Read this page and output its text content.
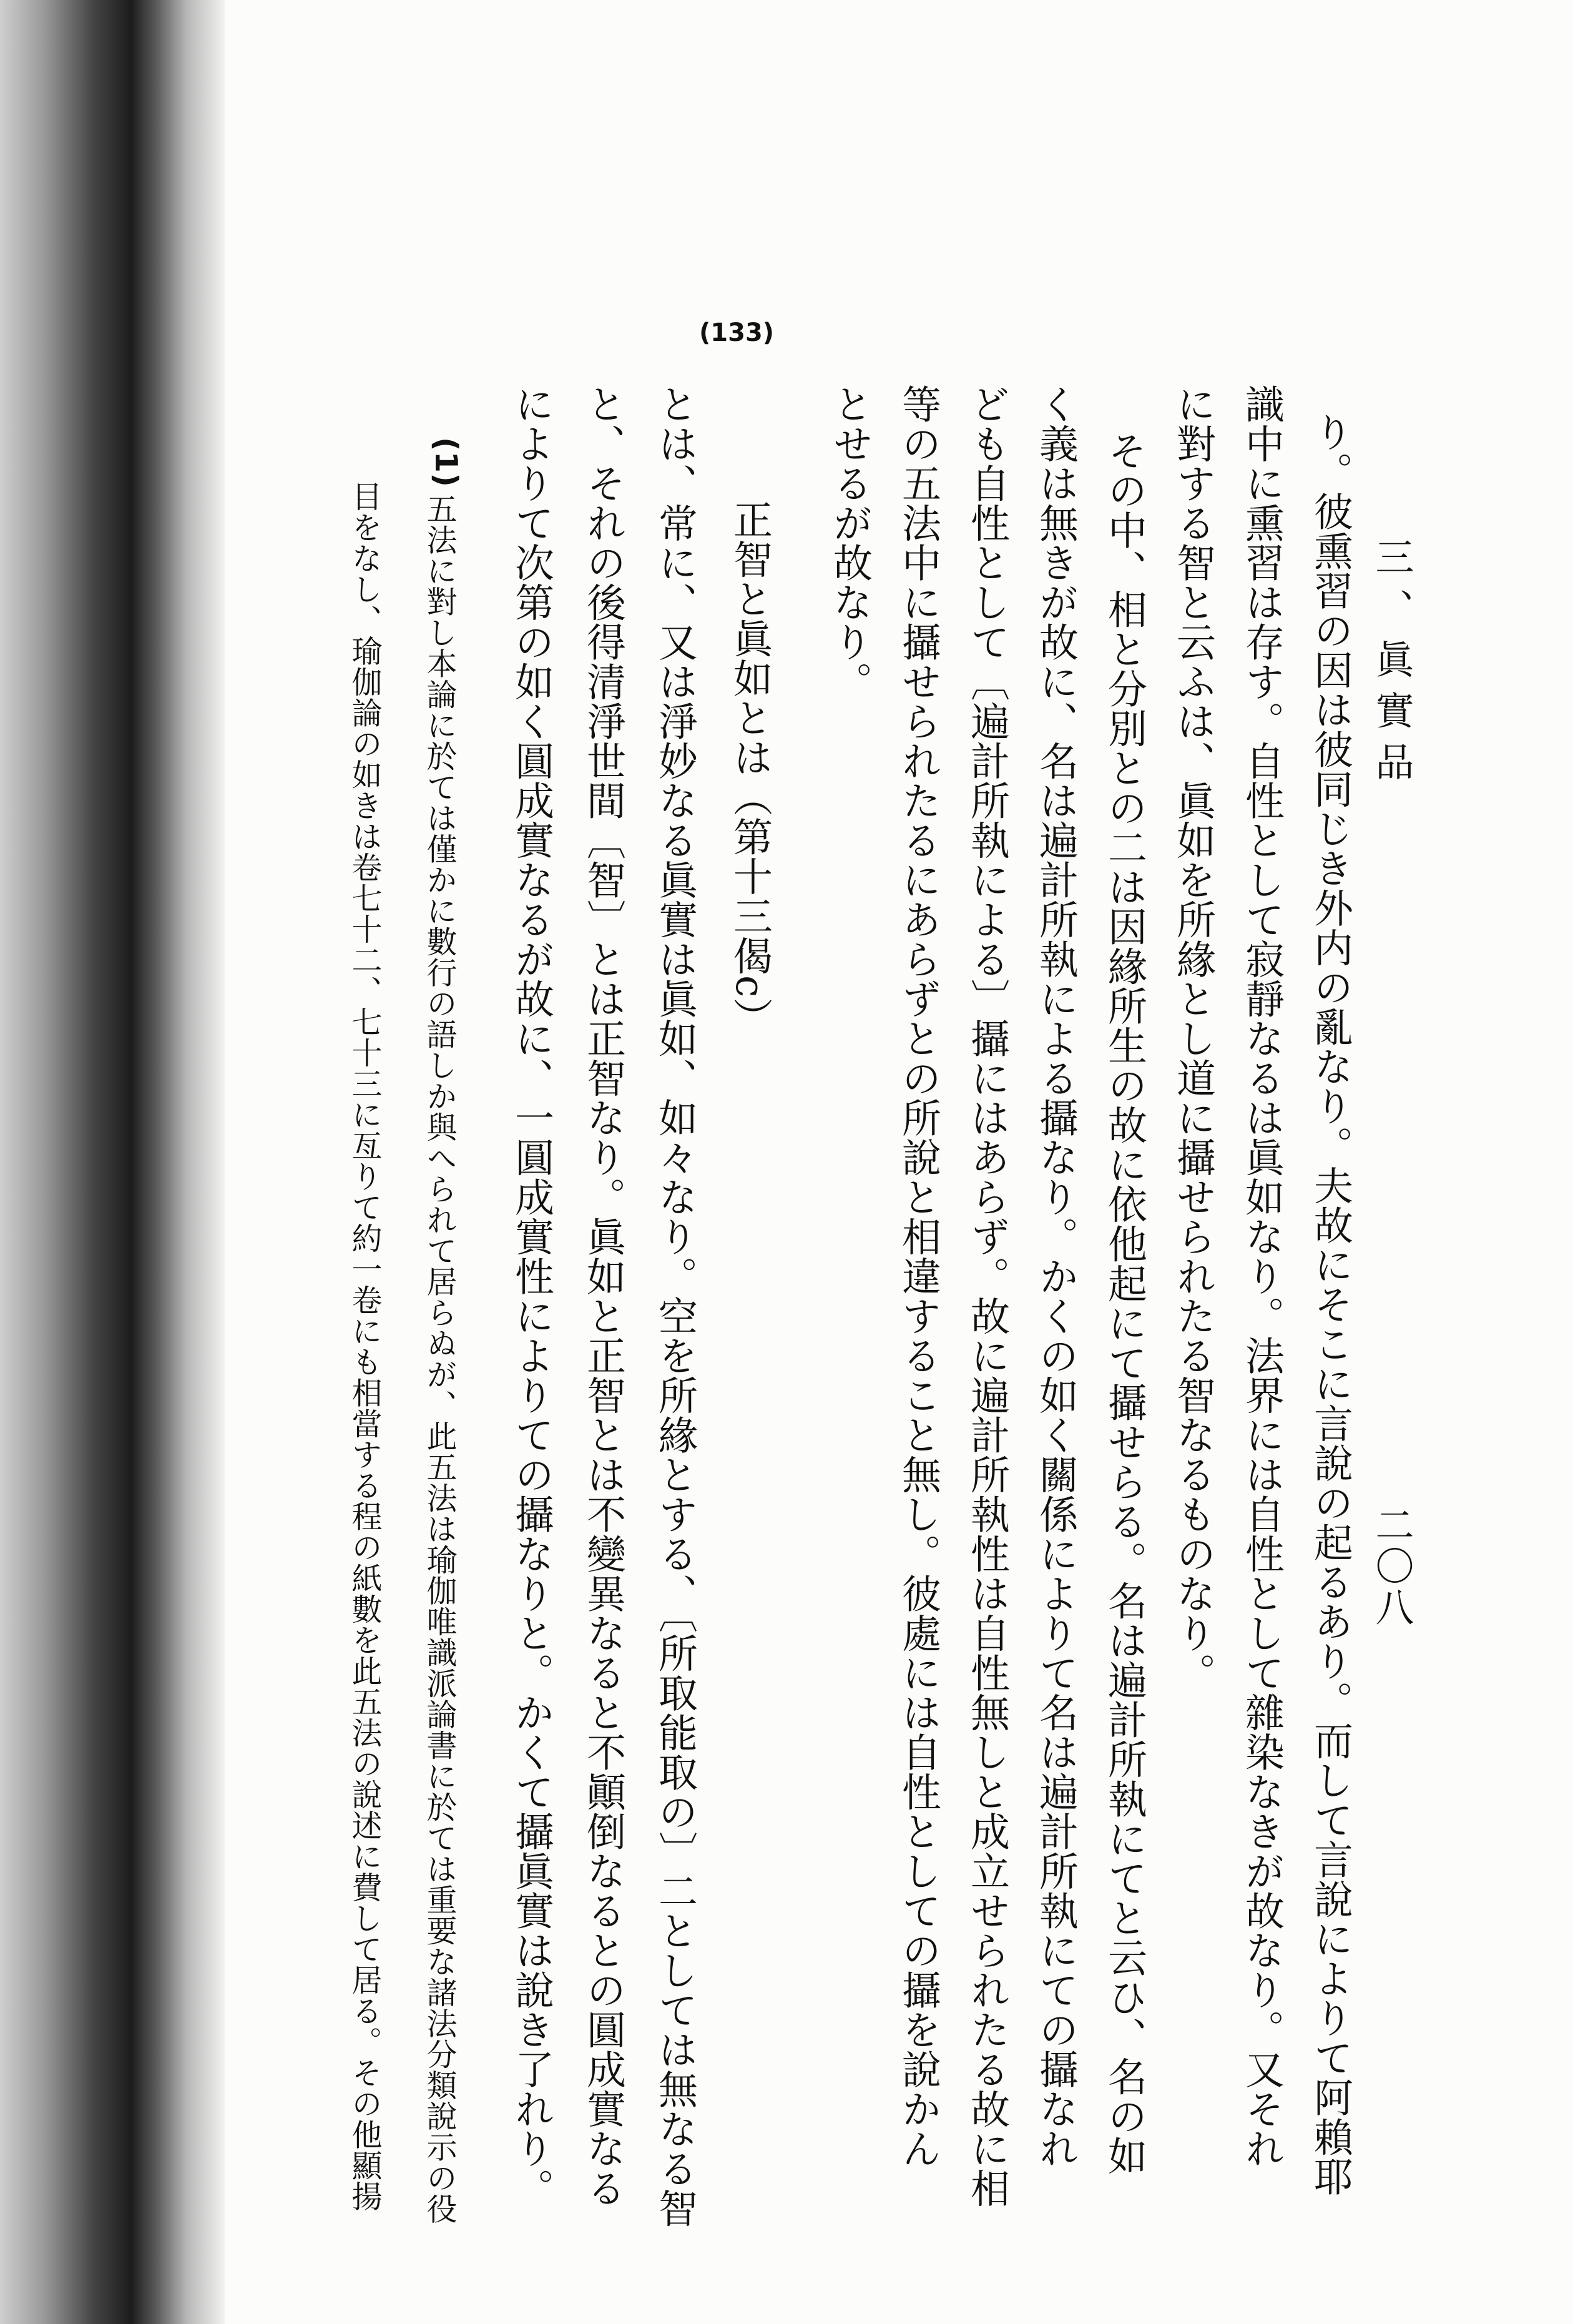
(133)
三、眞實品
二〇八
り。彼熏習の因は彼同じき外内の亂なり。夫故にそこに言說の起るあり。而して言說によりて阿賴耶
識中に熏習は存す。自性として寂靜なるは眞如なり。法界には自性として雜染なきが故なり。又それ
に對する智と云ふは、眞如を所緣とし道に攝せられたる智なるものなり。
その中、相と分別との二は因緣所生の故に依他起にて攝せらる。名は遍計所執にてと云ひ、名の如
く義は無きが故に、名は遍計所執による攝なり。かくの如く關係によりて名は遍計所執にての攝なれ
ども自性として〔遍計所執による〕攝にはあらず。故に遍計所執性は自性無しと成立せられたる故に相
等の五法中に攝せられたるにあらずとの所說と相違すること無し。彼處には自性としての攝を說かん
とせるが故なり。
正智と眞如とは（第十三偈c）
とは、常に、又は淨妙なる眞實は眞如、如々なり。空を所緣とする、〔所取能取の〕二としては無なる智
と、それの後得清淨世間〔智〕とは正智なり。眞如と正智とは不變異なると不顚倒なるとの圓成實なる
によりて次第の如く圓成實なるが故に、一圓成實性によりての攝なりと。かくて攝眞實は說き了れり。
(1)
五法に對し本論に於ては僅かに數行の語しか與へられて居らぬが、此五法は瑜伽唯識派論書に於ては重要な諸法分類說示の役
目をなし、瑜伽論の如きは卷七十二、七十三に亙りて約一卷にも相當する程の紙數を此五法の說述に費して居る。その他顯揚
